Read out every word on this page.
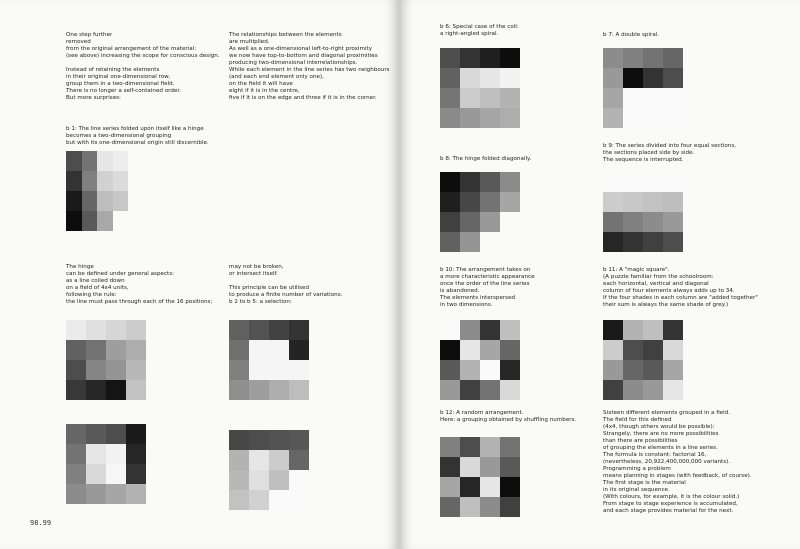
One step further
removed
from the original arrangement of the material:
(see above) increasing the scope for conscious design.

Instead of retaining the elements
in their original one-dimensional row,
group them in a two-dimensional field.
There is no longer a self-contained order.
But more surprises:
The relationships between the elements
are multiplied.
As well as a one-dimensional left-to-right proximity
we now have top-to-bottom and diagonal proximities
producing two-dimensional interrelationships.
While each element in the line series has two neighbours
(and each end element only one),
on the field it will have
eight if it is in the centre,
five if it is on the edge and three if it is in the corner.
b 1: The line series folded upon itself like a hinge
becomes a two-dimensional grouping
but with its one-dimensional origin still discernible.
The hinge
can be defined under general aspects:
as a line coiled down
on a field of 4x4 units,
following the rule:
the line must pass through each of the 16 positions;
may not be broken,
or intersect itself.

This principle can be utilised
to produce a finite number of variations.
b 2 to b 5: a selection:
98.99
b 6: Special case of the coil:
a right-angled spiral.	b 7: A double spiral.
b 8: The hinge folded diagonally.
b 9: The series divided into four equal sections,
the sections placed side by side.
The sequence is interrupted.
b 10: The arrangement takes on
a more characteristic appearance
once the order of the line series
is abandoned.
The elements interspersed
in two dimensions.
b 11: A "magic square".
(A puzzle familiar from the schoolroom:
each horizontal, vertical and diagonal
column of four elements always adds up to 34.
If the four shades in each column are "added together"
their sum is always the same shade of grey.)
b 12: A random arrangement.
Here: a grouping obtained by shuffling numbers.
Sixteen different elements grouped in a field.
The field for this defined
(4x4, though others would be possible):
Strangely, there are no more possibilities
than there are possibilities
of grouping the elements in a line series.
The formula is constant: factorial 16,
(nevertheless, 20,922,400,000,000 variants).
Programming a problem
means planning in stages (with feedback, of course).
The first stage is the material
in its original sequence.
(With colours, for example, it is the colour solid.)
From stage to stage experience is accumulated,
and each stage provides material for the next.
